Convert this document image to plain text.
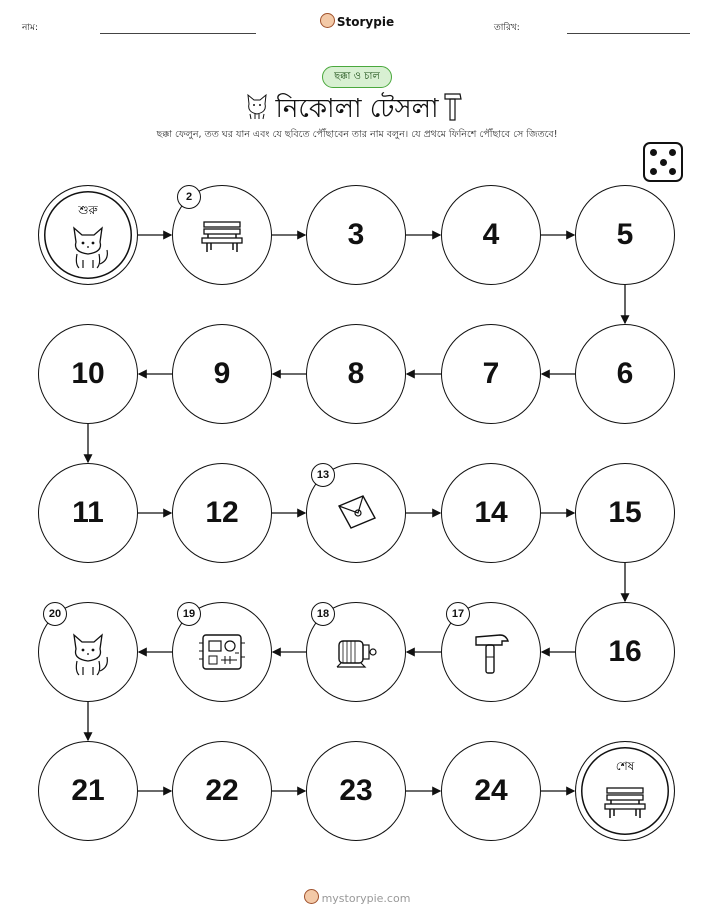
নাম:	Storypie	তারিখ:
ছক্কা ও চাল
নিকোলা টেসলা
ছক্কা ফেলুন, তত ঘর যান এবং যে ছবিতে পৌঁছাবেন তার নাম বলুন। যে প্রথমে ফিনিশে পৌঁছাবে সে জিতবে!
শুরু
2
3	4	5
6
7
8
9
10
11	12
13
14	15
16
17
18
19
20
21	22	23	24
শেষ
mystorypie.com
